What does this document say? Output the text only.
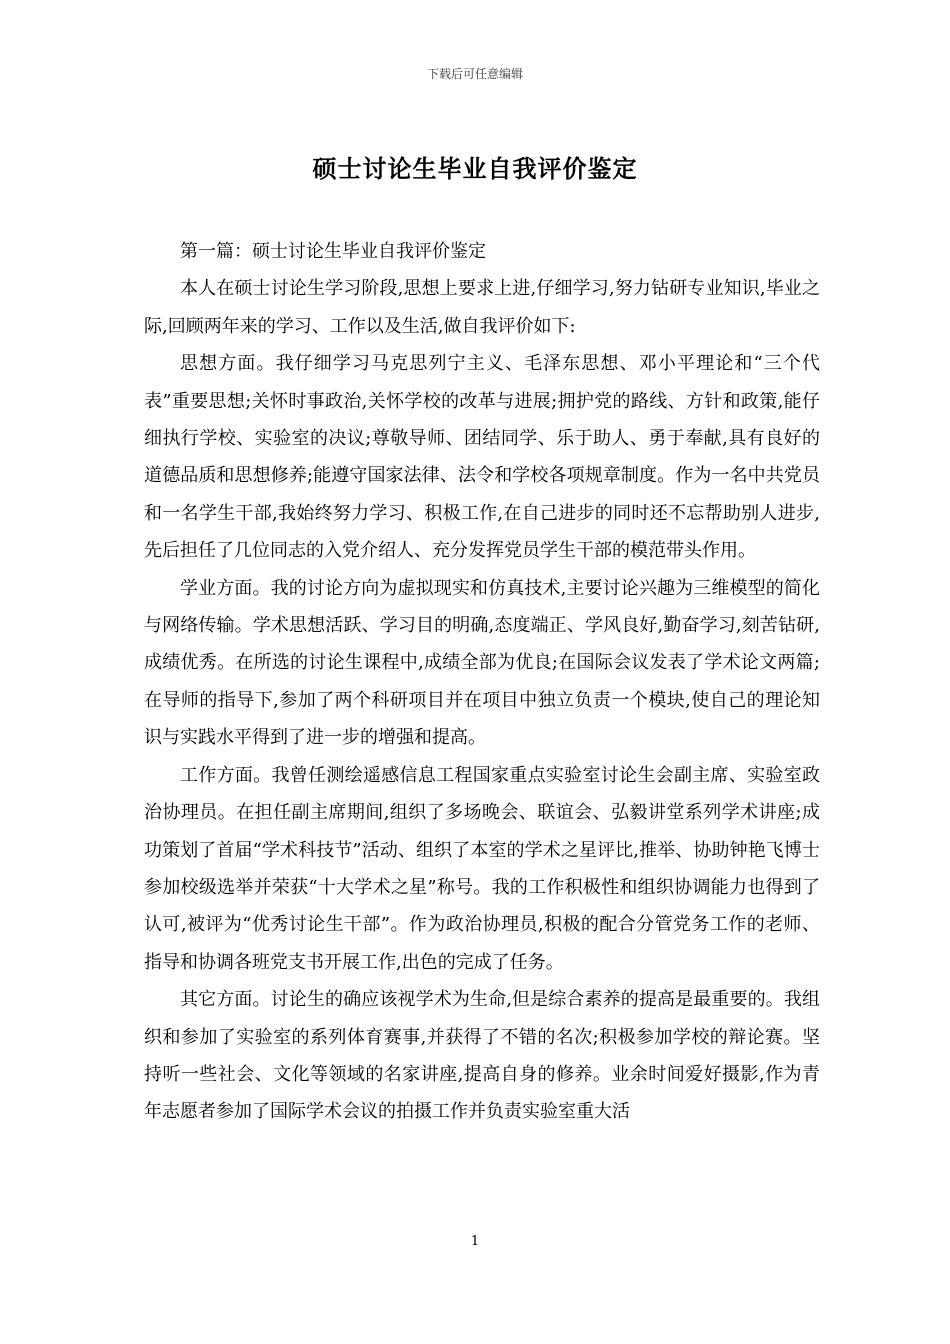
下载后可任意编辑
硕士讨论生毕业自我评价鉴定

第一篇：硕士讨论生毕业自我评价鉴定

本人在硕士讨论生学习阶段,思想上要求上进,仔细学习,努力钻研专业知识,毕业之际,回顾两年来的学习、工作以及生活,做自我评价如下:

思想方面。我仔细学习马克思列宁主义、毛泽东思想、邓小平理论和“三个代表”重要思想;关怀时事政治,关怀学校的改革与进展;拥护党的路线、方针和政策,能仔细执行学校、实验室的决议;尊敬导师、团结同学、乐于助人、勇于奉献,具有良好的道德品质和思想修养;能遵守国家法律、法令和学校各项规章制度。作为一名中共党员和一名学生干部,我始终努力学习、积极工作,在自己进步的同时还不忘帮助别人进步,先后担任了几位同志的入党介绍人、充分发挥党员学生干部的模范带头作用。

学业方面。我的讨论方向为虚拟现实和仿真技术,主要讨论兴趣为三维模型的简化与网络传输。学术思想活跃、学习目的明确,态度端正、学风良好,勤奋学习,刻苦钻研,成绩优秀。在所选的讨论生课程中,成绩全部为优良;在国际会议发表了学术论文两篇;在导师的指导下,参加了两个科研项目并在项目中独立负责一个模块,使自己的理论知识与实践水平得到了进一步的增强和提高。

工作方面。我曾任测绘遥感信息工程国家重点实验室讨论生会副主席、实验室政治协理员。在担任副主席期间,组织了多场晚会、联谊会、弘毅讲堂系列学术讲座;成功策划了首届“学术科技节”活动、组织了本室的学术之星评比,推举、协助钟艳飞博士参加校级选举并荣获“十大学术之星”称号。我的工作积极性和组织协调能力也得到了认可,被评为“优秀讨论生干部”。作为政治协理员,积极的配合分管党务工作的老师、指导和协调各班党支书开展工作,出色的完成了任务。

其它方面。讨论生的确应该视学术为生命,但是综合素养的提高是最重要的。我组织和参加了实验室的系列体育赛事,并获得了不错的名次;积极参加学校的辩论赛。坚持听一些社会、文化等领域的名家讲座,提高自身的修养。业余时间爱好摄影,作为青年志愿者参加了国际学术会议的拍摄工作并负责实验室重大活

1
